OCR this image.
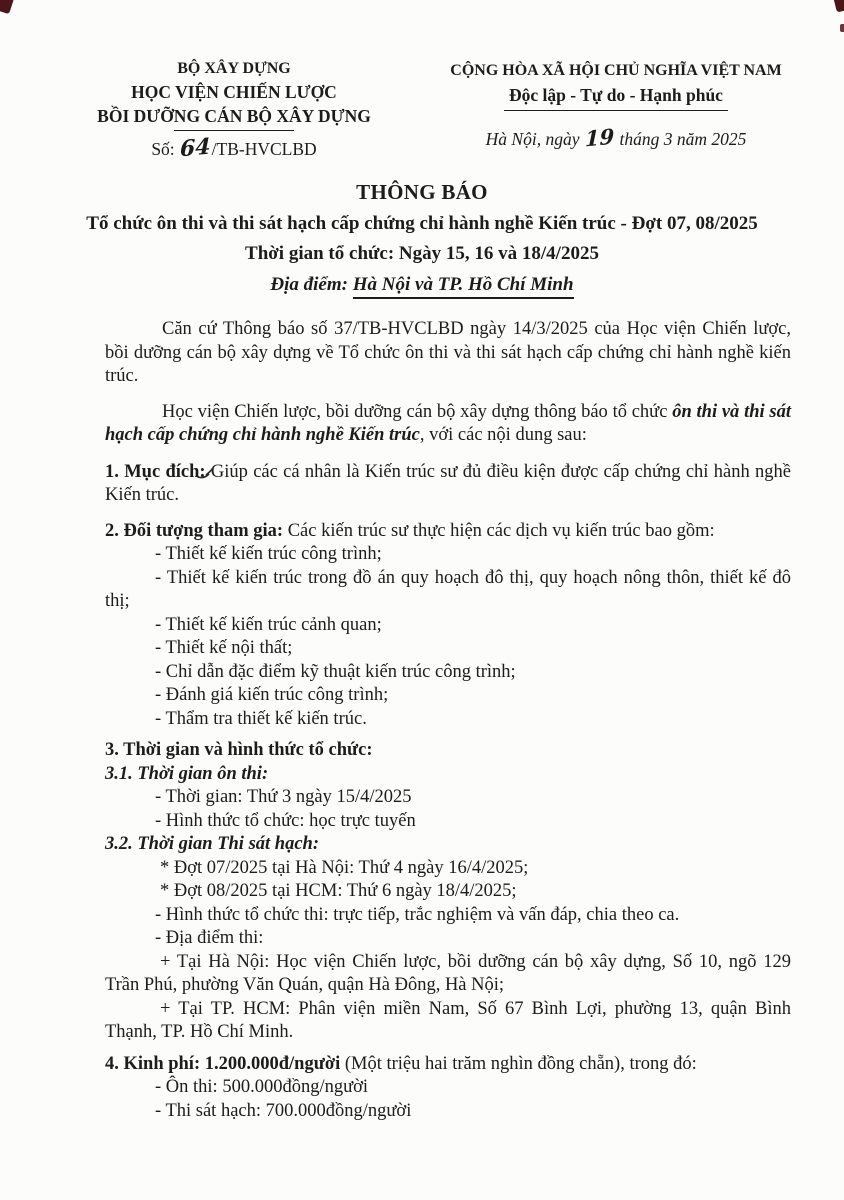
BỘ XÂY DỰNG
HỌC VIỆN CHIẾN LƯỢC
BỒI DƯỠNG CÁN BỘ XÂY DỰNG
Số: 64/TB-HVCLBD
CỘNG HÒA XÃ HỘI CHỦ NGHĨA VIỆT NAM
Độc lập - Tự do - Hạnh phúc
Hà Nội, ngày 19 tháng 3 năm 2025
THÔNG BÁO
Tổ chức ôn thi và thi sát hạch cấp chứng chỉ hành nghề Kiến trúc - Đợt 07, 08/2025
Thời gian tổ chức: Ngày 15, 16 và 18/4/2025
Địa điểm: Hà Nội và TP. Hồ Chí Minh

Căn cứ Thông báo số 37/TB-HVCLBD ngày 14/3/2025 của Học viện Chiến lược, bồi dưỡng cán bộ xây dựng về Tổ chức ôn thi và thi sát hạch cấp chứng chỉ hành nghề kiến trúc.

Học viện Chiến lược, bồi dưỡng cán bộ xây dựng thông báo tổ chức ôn thi và thi sát hạch cấp chứng chỉ hành nghề Kiến trúc, với các nội dung sau:

1. Mục đích: Giúp các cá nhân là Kiến trúc sư đủ điều kiện được cấp chứng chỉ hành nghề Kiến trúc.

2. Đối tượng tham gia: Các kiến trúc sư thực hiện các dịch vụ kiến trúc bao gồm:

- Thiết kế kiến trúc công trình;

- Thiết kế kiến trúc trong đồ án quy hoạch đô thị, quy hoạch nông thôn, thiết kế đô thị;

- Thiết kế kiến trúc cảnh quan;

- Thiết kế nội thất;

- Chỉ dẫn đặc điểm kỹ thuật kiến trúc công trình;

- Đánh giá kiến trúc công trình;

- Thẩm tra thiết kế kiến trúc.

3. Thời gian và hình thức tổ chức:

3.1. Thời gian ôn thi:

- Thời gian: Thứ 3 ngày 15/4/2025

- Hình thức tổ chức: học trực tuyến

3.2. Thời gian Thi sát hạch:

* Đợt 07/2025 tại Hà Nội: Thứ 4 ngày 16/4/2025;

* Đợt 08/2025 tại HCM: Thứ 6 ngày 18/4/2025;

- Hình thức tổ chức thi: trực tiếp, trắc nghiệm và vấn đáp, chia theo ca.

- Địa điểm thi:

+ Tại Hà Nội: Học viện Chiến lược, bồi dưỡng cán bộ xây dựng, Số 10, ngõ 129 Trần Phú, phường Văn Quán, quận Hà Đông, Hà Nội;

+ Tại TP. HCM: Phân viện miền Nam, Số 67 Bình Lợi, phường 13, quận Bình Thạnh, TP. Hồ Chí Minh.

4. Kinh phí: 1.200.000đ/người (Một triệu hai trăm nghìn đồng chẵn), trong đó:

- Ôn thi: 500.000đồng/người

- Thi sát hạch: 700.000đồng/người
